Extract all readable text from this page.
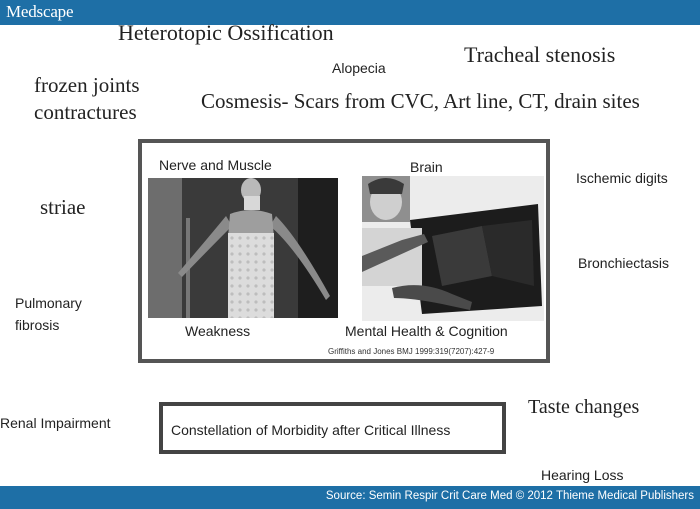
Medscape
Heterotopic Ossification
Tracheal stenosis
Alopecia
frozen joints
contractures	Cosmesis- Scars from CVC, Art line, CT, drain sites
striae
Ischemic digits
Bronchiectasis
Pulmonary
fibrosis
Renal Impairment
Taste changes
Hearing Loss
Nerve and Muscle	Brain
Weakness	Mental Health & Cognition
Griffiths and Jones BMJ 1999:319(7207):427-9
Constellation of Morbidity after Critical Illness
Source: Semin Respir Crit Care Med © 2012 Thieme Medical Publishers
